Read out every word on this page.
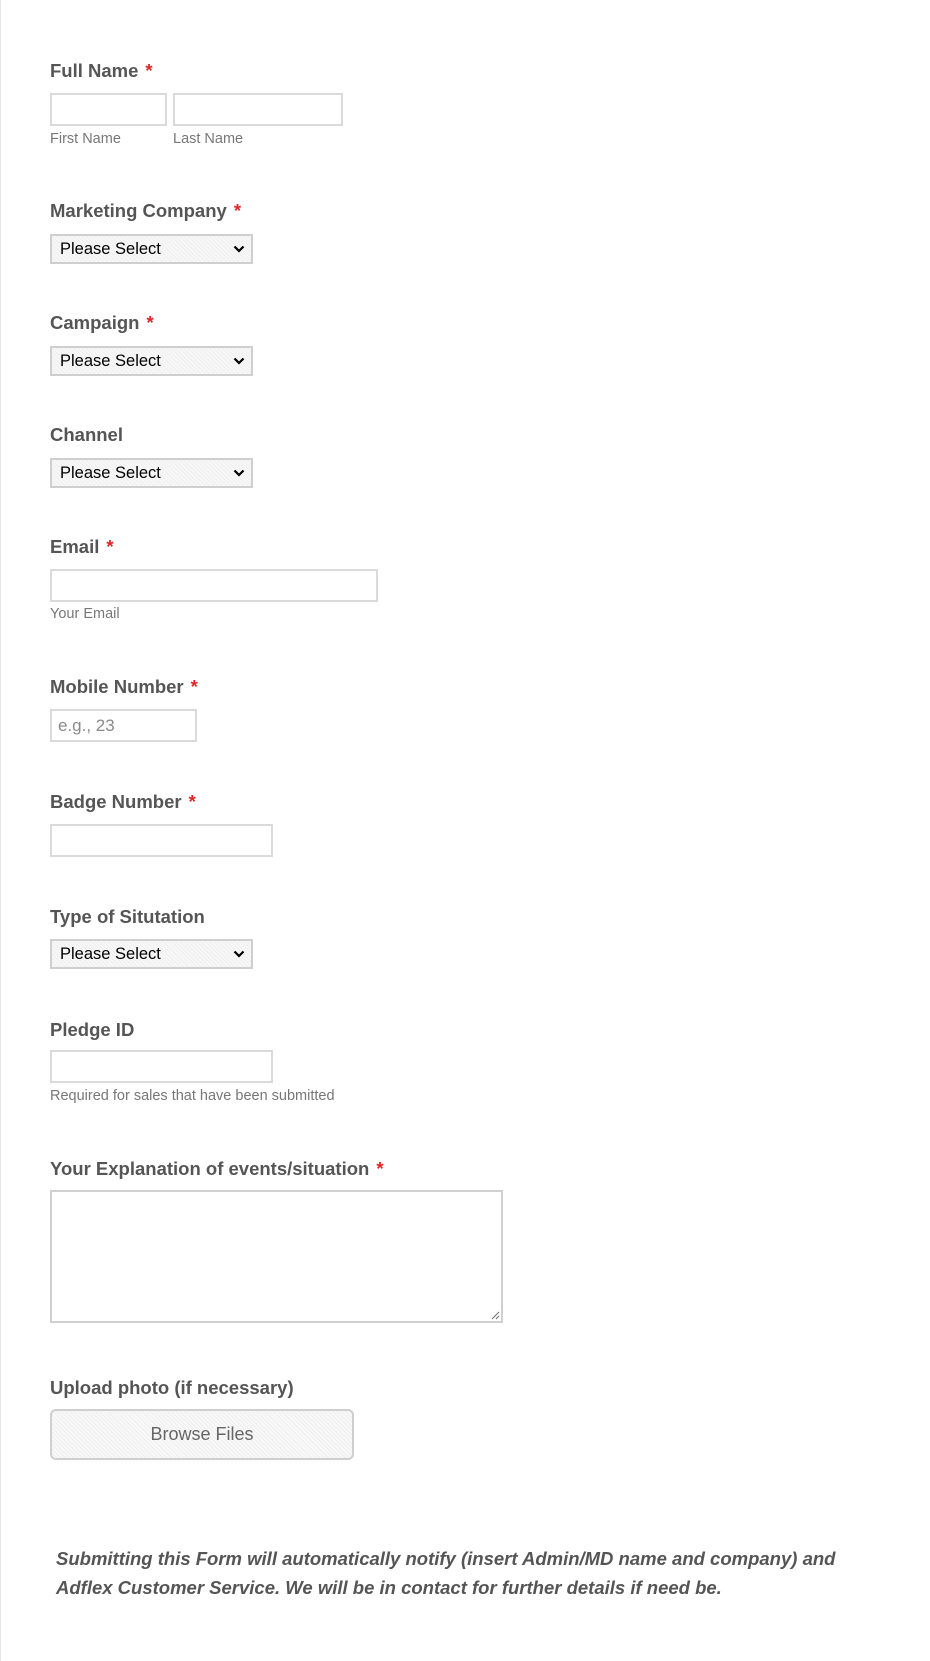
Full Name *
First Name	Last Name
Marketing Company *
Please Select
Campaign *
Please Select
Channel
Please Select
Email *
Your Email
Mobile Number *
e.g., 23
Badge Number *
Type of Situtation
Please Select
Pledge ID
Required for sales that have been submitted
Your Explanation of events/situation *
Upload photo (if necessary)
Browse Files
Submitting this Form will automatically notify (insert Admin/MD name and company) and Adflex Customer Service. We will be in contact for further details if need be.
